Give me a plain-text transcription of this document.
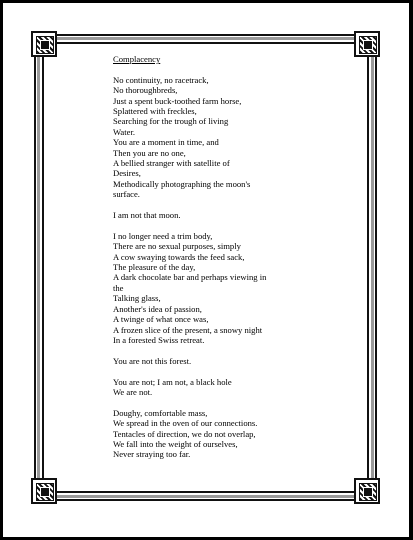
Complacency
No continuity, no racetrack,
No thoroughbreds,
Just a spent buck-toothed farm horse,
Splattered with freckles,
Searching for the trough of living
Water.
You are a moment in time, and
Then you are no one,
A bellied stranger with satellite of
Desires,
Methodically photographing the moon's
surface.
I am not that moon.
I no longer need a trim body,
There are no sexual purposes, simply
A cow swaying towards the feed sack,
The pleasure of the day,
A dark chocolate bar and perhaps viewing in
the
Talking glass,
Another's idea of passion,
A twinge of what once was,
A frozen slice of the present, a snowy night
In a forested Swiss retreat.
You are not this forest.
You are not; I am not, a black hole
We are not.
Doughy, comfortable mass,
We spread in the oven of our connections.
Tentacles of direction, we do not overlap,
We fall into the weight of ourselves,
Never straying too far.
